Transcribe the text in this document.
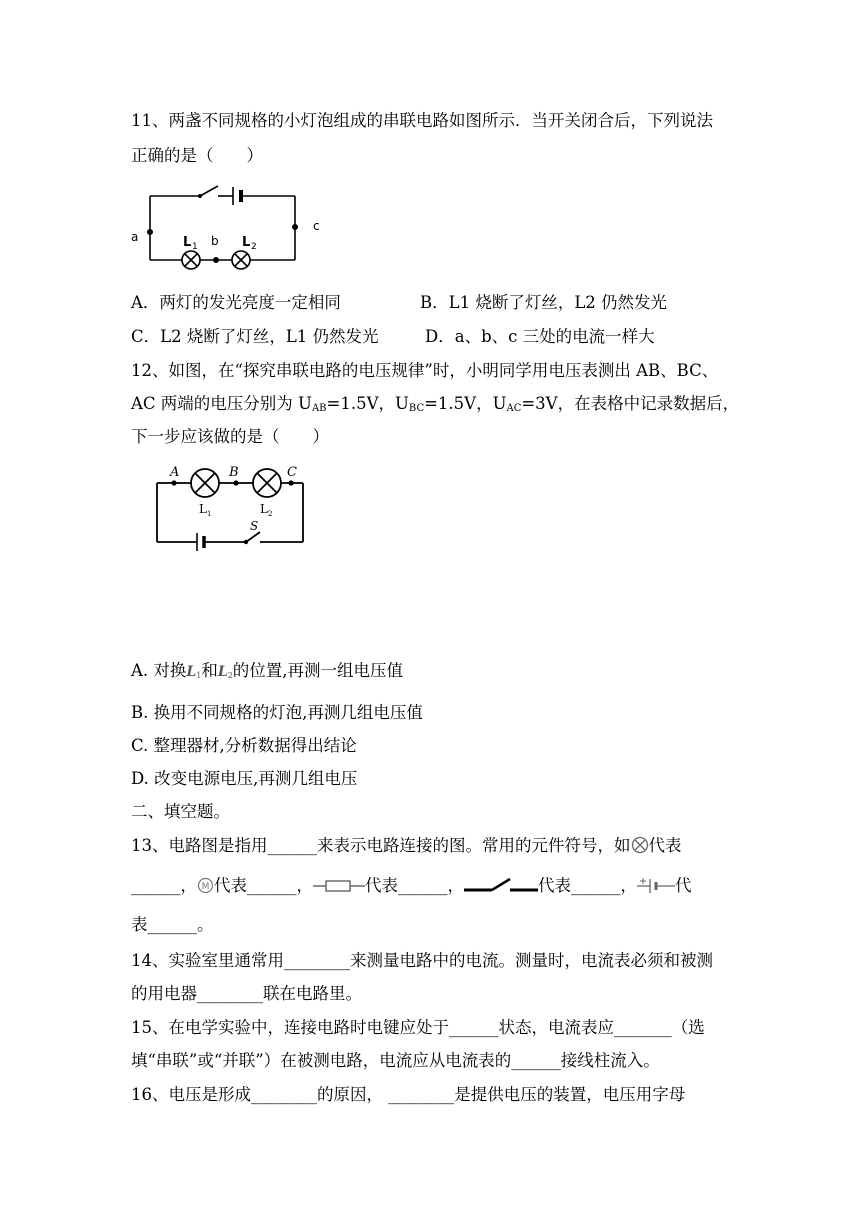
11、两盏不同规格的小灯泡组成的串联电路如图所示．当开关闭合后，下列说法
正确的是（　　）
a	b
c
L 1	L 2
A．两灯的发光亮度一定相同	B．L1 烧断了灯丝，L2 仍然发光
C．L2 烧断了灯丝，L1 仍然发光	D．a、b、c 三处的电流一样大
12、如图，在“探究串联电路的电压规律”时，小明同学用电压表测出 AB、BC、
AC 两端的电压分别为 $U_{AB}=1.5V$，$U_{BC}=1.5V$，$U_{AC}=3V$，在表格中记录数据后，
下一步应该做的是（　　）
A	B	C
S
L 1	L 2
A. 对换$L_1$和$L_2$的位置,再测一组电压值
B. 换用不同规格的灯泡,再测几组电压值
C. 整理器材,分析数据得出结论
D. 改变电源电压,再测几组电压
二、填空题。
13、电路图是指用______来表示电路连接的图。常用的元件符号，如 代表
______， M 代表______，	代表______，	代表______， 代
表______。
14、实验室里通常用________来测量电路中的电流。测量时，电流表必须和被测
的用电器________联在电路里。
15、在电学实验中，连接电路时电键应处于______状态，电流表应_______（选
填“串联”或“并联”）在被测电路，电流应从电流表的______接线柱流入。
16、电压是形成________的原因， ________是提供电压的装置，电压用字母
